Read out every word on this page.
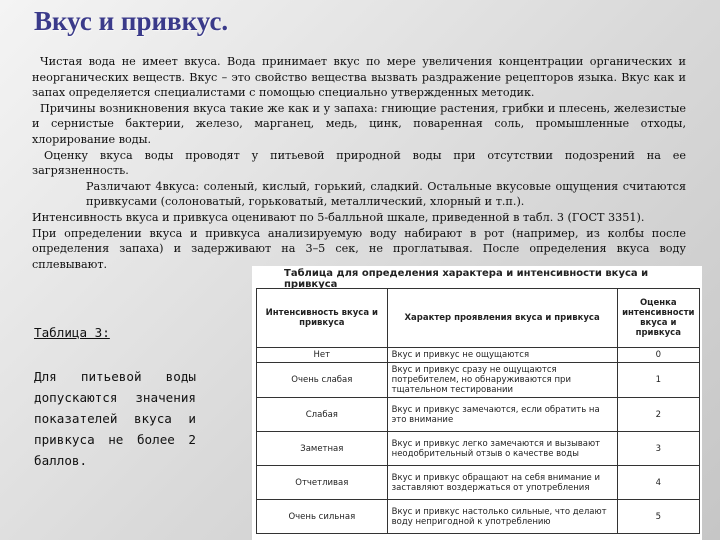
Вкус и привкус.

Чистая вода не имеет вкуса. Вода принимает вкус по мере увеличения концентрации органических и неорганических веществ. Вкус – это свойство вещества вызвать раздражение рецепторов языка. Вкус как и запах определяется специалистами с помощью специально утвержденных методик.

Причины возникновения вкуса такие же как и у запаха: гниющие растения, грибки и плесень, железистые и сернистые бактерии, железо, марганец, медь, цинк, поваренная соль, промышленные отходы, хлорирование воды.

Оценку вкуса воды проводят у питьевой природной воды при отсутствии подозрений на ее загрязненность.

Различают 4вкуса: соленый, кислый, горький, сладкий. Остальные вкусовые ощущения считаются привкусами (солоноватый, горьковатый, металлический, хлорный и т.п.).

Интенсивность вкуса и привкуса оценивают по 5-балльной шкале, приведенной в табл. 3 (ГОСТ 3351).

При определении вкуса и привкуса анализируемую воду набирают в рот (например, из колбы после определения запаха) и задерживают на 3–5 сек, не проглатывая. После определения вкуса воду сплевывают.

Таблица 3:
Для питьевой воды допускаются значения показателей вкуса и привкуса не более 2 баллов.
Таблица для определения характера и интенсивности вкуса и привкуса
Интенсивность вкуса и привкуса	Характер проявления вкуса и привкуса	Оценка интенсивности вкуса и привкуса
Нет	Вкус и привкус не ощущаются	0
Очень слабая	Вкус и привкус сразу не ощущаются потребителем, но обнаруживаются при тщательном тестировании	1
Слабая	Вкус и привкус замечаются, если обратить на это внимание	2
Заметная	Вкус и привкус легко замечаются и вызывают неодобрительный отзыв о качестве воды	3
Отчетливая	Вкус и привкус обращают на себя внимание и заставляют воздержаться от употребления	4
Очень сильная	Вкус и привкус настолько сильные, что делают воду непригодной к употреблению	5
